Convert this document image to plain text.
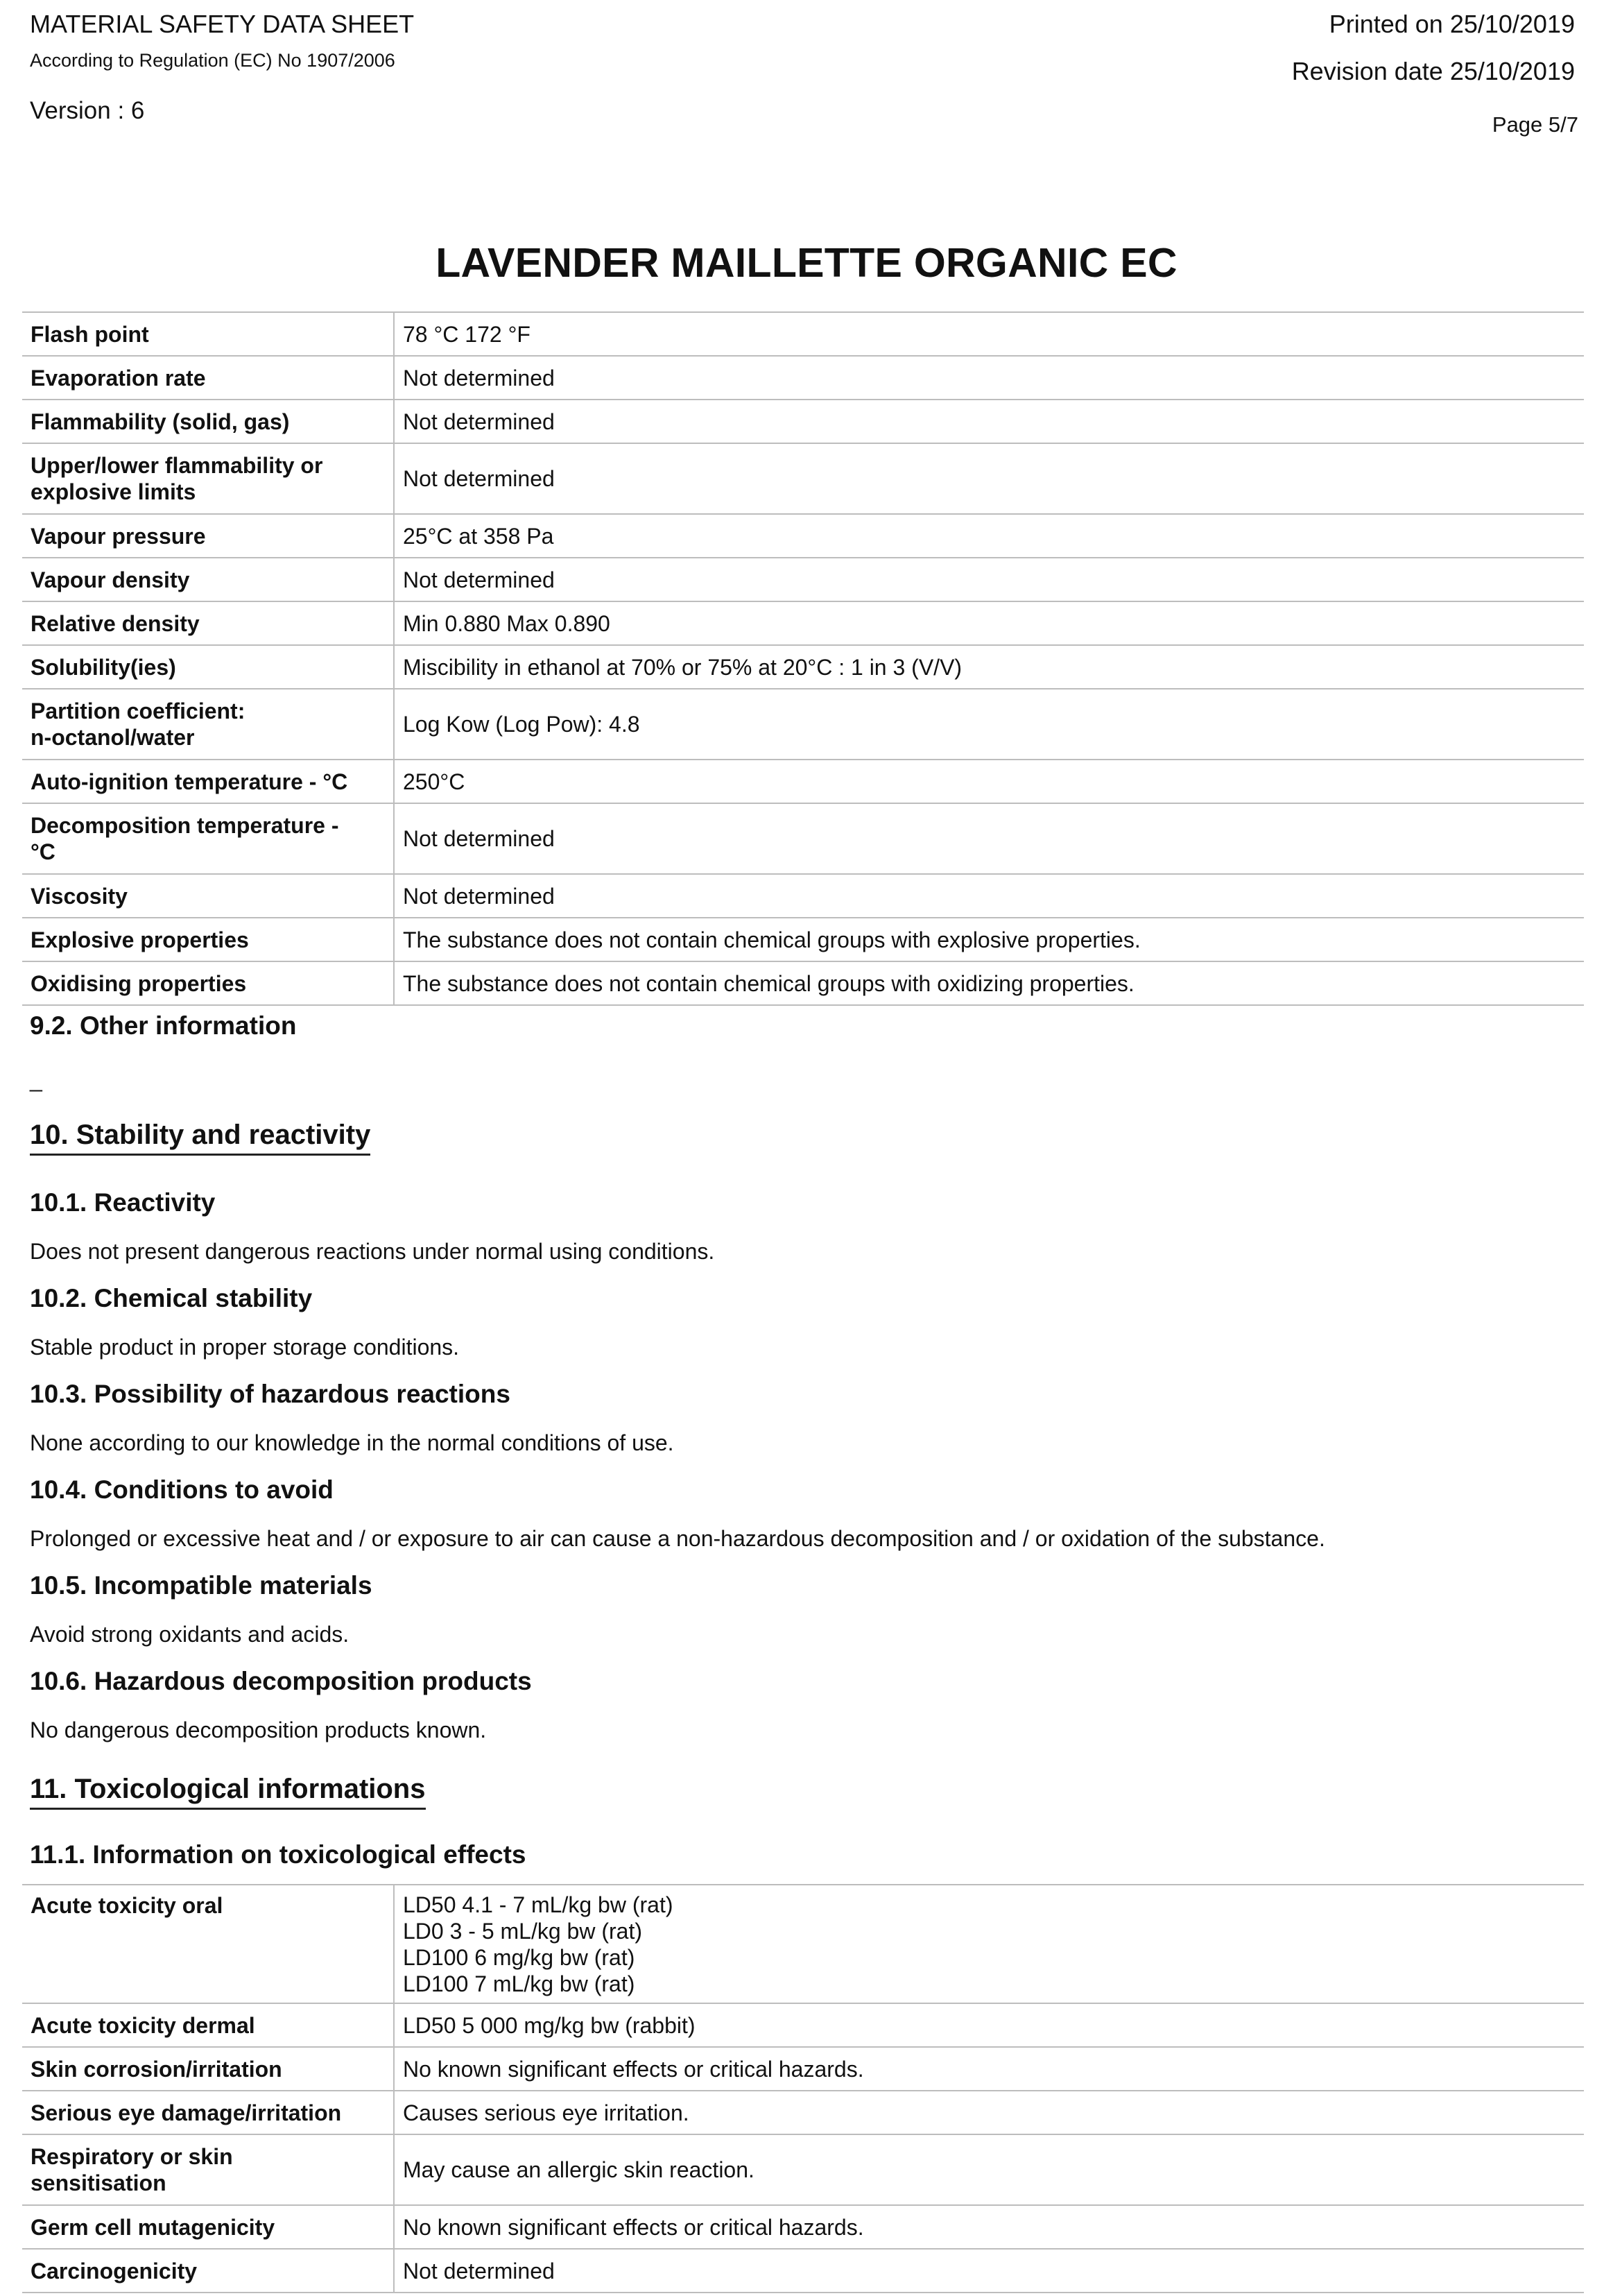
MATERIAL SAFETY DATA SHEET
According to Regulation (EC) No 1907/2006
Version : 6
Printed on 25/10/2019
Revision date 25/10/2019
Page 5/7
LAVENDER MAILLETTE ORGANIC EC
Flash point	78 °C 172 °F
Evaporation rate	Not determined
Flammability (solid, gas)	Not determined
Upper/lower flammability or
explosive limits	Not determined
Vapour pressure	25°C at 358 Pa
Vapour density	Not determined
Relative density	Min 0.880 Max 0.890
Solubility(ies)	Miscibility in ethanol at 70% or 75% at 20°C : 1 in 3 (V/V)
Partition coefficient:
n-octanol/water	Log Kow (Log Pow): 4.8
Auto-ignition temperature - °C	250°C
Decomposition temperature -
°C	Not determined
Viscosity	Not determined
Explosive properties	The substance does not contain chemical groups with explosive properties.
Oxidising properties	The substance does not contain chemical groups with oxidizing properties.
9.2. Other information
_
10. Stability and reactivity
10.1. Reactivity
Does not present dangerous reactions under normal using conditions.
10.2. Chemical stability
Stable product in proper storage conditions.
10.3. Possibility of hazardous reactions
None according to our knowledge in the normal conditions of use.
10.4. Conditions to avoid
Prolonged or excessive heat and / or exposure to air can cause a non-hazardous decomposition and / or oxidation of the substance.
10.5. Incompatible materials
Avoid strong oxidants and acids.
10.6. Hazardous decomposition products
No dangerous decomposition products known.
11. Toxicological informations
11.1. Information on toxicological effects
Acute toxicity oral	LD50 4.1 - 7 mL/kg bw (rat)
LD0 3 - 5 mL/kg bw (rat)
LD100 6 mg/kg bw (rat)
LD100 7 mL/kg bw (rat)
Acute toxicity dermal	LD50 5 000 mg/kg bw (rabbit)
Skin corrosion/irritation	No known significant effects or critical hazards.
Serious eye damage/irritation	Causes serious eye irritation.
Respiratory or skin
sensitisation	May cause an allergic skin reaction.
Germ cell mutagenicity	No known significant effects or critical hazards.
Carcinogenicity	Not determined
